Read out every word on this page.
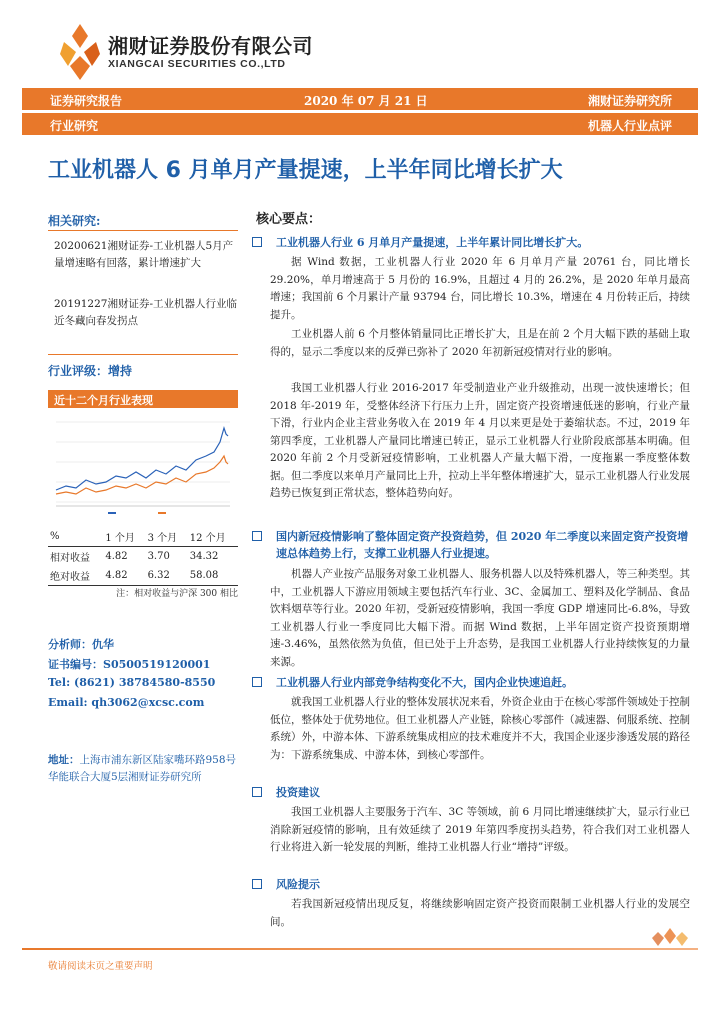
湘财证券股份有限公司
XIANGCAI SECURITIES CO.,LTD
证券研究报告	2020 年 07 月 21 日	湘财证券研究所
行业研究	机器人行业点评
工业机器人 6 月单月产量提速，上半年同比增长扩大
相关研究:
20200621湘财证券-工业机器人5月产量增速略有回落，累计增速扩大
20191227湘财证券-工业机器人行业临近冬藏向春发拐点
行业评级：增持
近十二个月行业表现
%	1 个月	3 个月	12 个月
相对收益	4.82	3.70	34.32
绝对收益	4.82	6.32	58.08
注：相对收益与沪深 300 相比
分析师：仇华
证书编号：S0500519120001
Tel: (8621) 38784580-8550
Email: qh3062@xcsc.com
地址：上海市浦东新区陆家嘴环路958号华能联合大厦5层湘财证券研究所
核心要点：
工业机器人行业 6 月单月产量提速，上半年累计同比增长扩大。
据 Wind 数据，工业机器人行业 2020 年 6 月单月产量 20761 台，同比增长 29.20%，单月增速高于 5 月份的 16.9%，且超过 4 月的 26.2%，是 2020 年单月最高增速；我国前 6 个月累计产量 93794 台，同比增长 10.3%，增速在 4 月份转正后，持续提升。
工业机器人前 6 个月整体销量同比正增长扩大，且是在前 2 个月大幅下跌的基础上取得的，显示二季度以来的反弹已弥补了 2020 年初新冠疫情对行业的影响。
我国工业机器人行业 2016-2017 年受制造业产业升级推动，出现一波快速增长；但 2018 年-2019 年，受整体经济下行压力上升，固定资产投资增速低迷的影响，行业产量下滑，行业内企业主营业务收入在 2019 年 4 月以来更是处于萎缩状态。不过，2019 年第四季度，工业机器人产量同比增速已转正，显示工业机器人行业阶段底部基本明确。但 2020 年前 2 个月受新冠疫情影响，工业机器人产量大幅下滑，一度拖累一季度整体数据。但二季度以来单月产量同比上升，拉动上半年整体增速扩大，显示工业机器人行业发展趋势已恢复到正常状态，整体趋势向好。
国内新冠疫情影响了整体固定资产投资趋势，但 2020 年二季度以来固定资产投资增速总体趋势上行，支撑工业机器人行业提速。
机器人产业按产品服务对象工业机器人、服务机器人以及特殊机器人，等三种类型。其中，工业机器人下游应用领域主要包括汽车行业、3C、金属加工、塑料及化学制品、食品饮料烟草等行业。2020 年初，受新冠疫情影响，我国一季度 GDP 增速同比-6.8%，导致工业机器人行业一季度同比大幅下滑。而据 Wind 数据，上半年固定资产投资预期增速-3.46%，虽然依然为负值，但已处于上升态势，是我国工业机器人行业持续恢复的力量来源。
工业机器人行业内部竞争结构变化不大，国内企业快速追赶。
就我国工业机器人行业的整体发展状况来看，外资企业由于在核心零部件领域处于控制低位，整体处于优势地位。但工业机器人产业链，除核心零部件（减速器、伺服系统、控制系统）外，中游本体、下游系统集成相应的技术难度并不大，我国企业逐步渗透发展的路径为：下游系统集成、中游本体，到核心零部件。
投资建议
我国工业机器人主要服务于汽车、3C 等领域，前 6 月同比增速继续扩大，显示行业已消除新冠疫情的影响，且有效延续了 2019 年第四季度拐头趋势，符合我们对工业机器人行业将进入新一轮发展的判断，维持工业机器人行业“增持”评级。
风险提示
若我国新冠疫情出现反复，将继续影响固定资产投资而限制工业机器人行业的发展空间。
敬请阅读末页之重要声明
